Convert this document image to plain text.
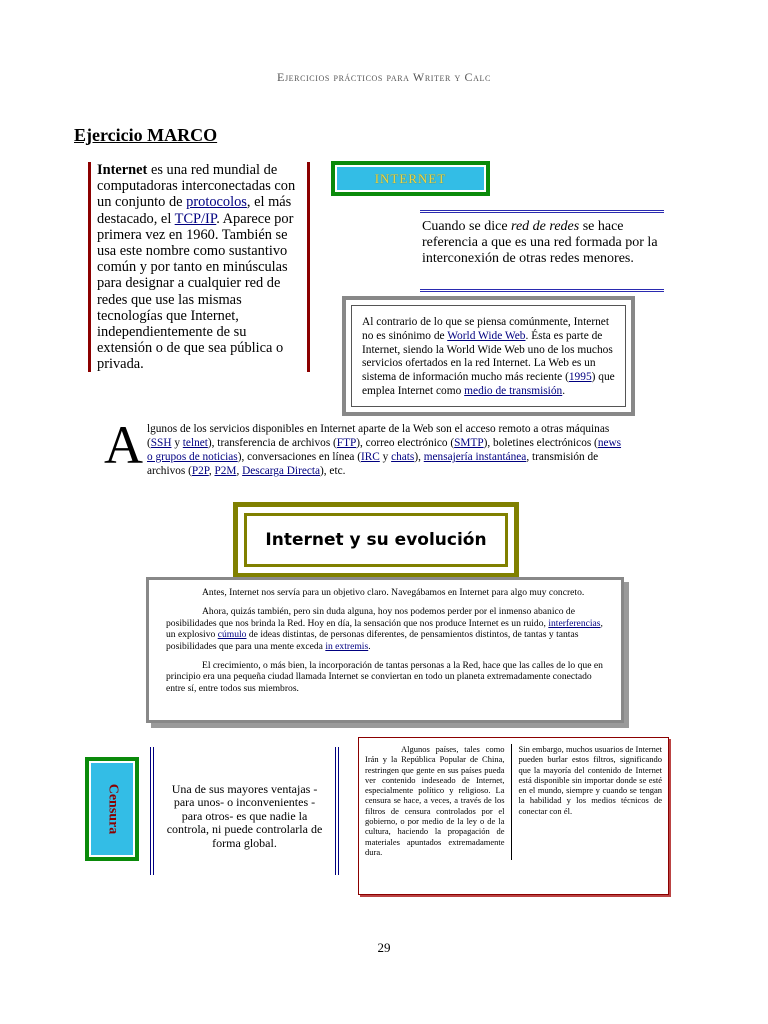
Ejercicios prácticos para Writer y Calc
Ejercicio MARCO

Internet es una red mundial de computadoras interconectadas con un conjunto de protocolos, el más destacado, el TCP/IP. Aparece por primera vez en 1960. También se usa este nombre como sustantivo común y por tanto en minúsculas para designar a cualquier red de redes que use las mismas tecnologías que Internet, independientemente de su extensión o de que sea pública o privada.

INTERNET

Cuando se dice red de redes se hace referencia a que es una red formada por la interconexión de otras redes menores.

Al contrario de lo que se piensa comúnmente, Internet no es sinónimo de World Wide Web. Ésta es parte de Internet, siendo la World Wide Web uno de los muchos servicios ofertados en la red Internet. La Web es un sistema de información mucho más reciente (1995) que emplea Internet como medio de transmisión.

Algunos de los servicios disponibles en Internet aparte de la Web son el acceso remoto a otras máquinas (SSH y telnet), transferencia de archivos (FTP), correo electrónico (SMTP), boletines electrónicos (news o grupos de noticias), conversaciones en línea (IRC y chats), mensajería instantánea, transmisión de archivos (P2P, P2M, Descarga Directa), etc.

Internet y su evolución

Antes, Internet nos servía para un objetivo claro. Navegábamos en Internet para algo muy concreto.

Ahora, quizás también, pero sin duda alguna, hoy nos podemos perder por el inmenso abanico de posibilidades que nos brinda la Red. Hoy en día, la sensación que nos produce Internet es un ruido, interferencias, un explosivo cúmulo de ideas distintas, de personas diferentes, de pensamientos distintos, de tantas y tantas posibilidades que para una mente exceda in extremis.

El crecimiento, o más bien, la incorporación de tantas personas a la Red, hace que las calles de lo que en principio era una pequeña ciudad llamada Internet se conviertan en todo un planeta extremadamente conectado entre sí, entre todos sus miembros.

Censura	Una de sus mayores ventajas -para unos- o inconvenientes -para otros- es que nadie la controla, ni puede controlarla de forma global.

Algunos países, tales como Irán y la República Popular de China, restringen que gente en sus países pueda ver contenido indeseado de Internet, especialmente político y religioso. La censura se hace, a veces, a través de los filtros de censura controlados por el gobierno, o por medio de la ley o de la cultura, haciendo la propagación de materiales apuntados extremadamente dura.

Sin embargo, muchos usuarios de Internet pueden burlar estos filtros, significando que la mayoría del contenido de Internet está disponible sin importar donde se esté en el mundo, siempre y cuando se tengan la habilidad y los medios técnicos de conectar con él.

29
